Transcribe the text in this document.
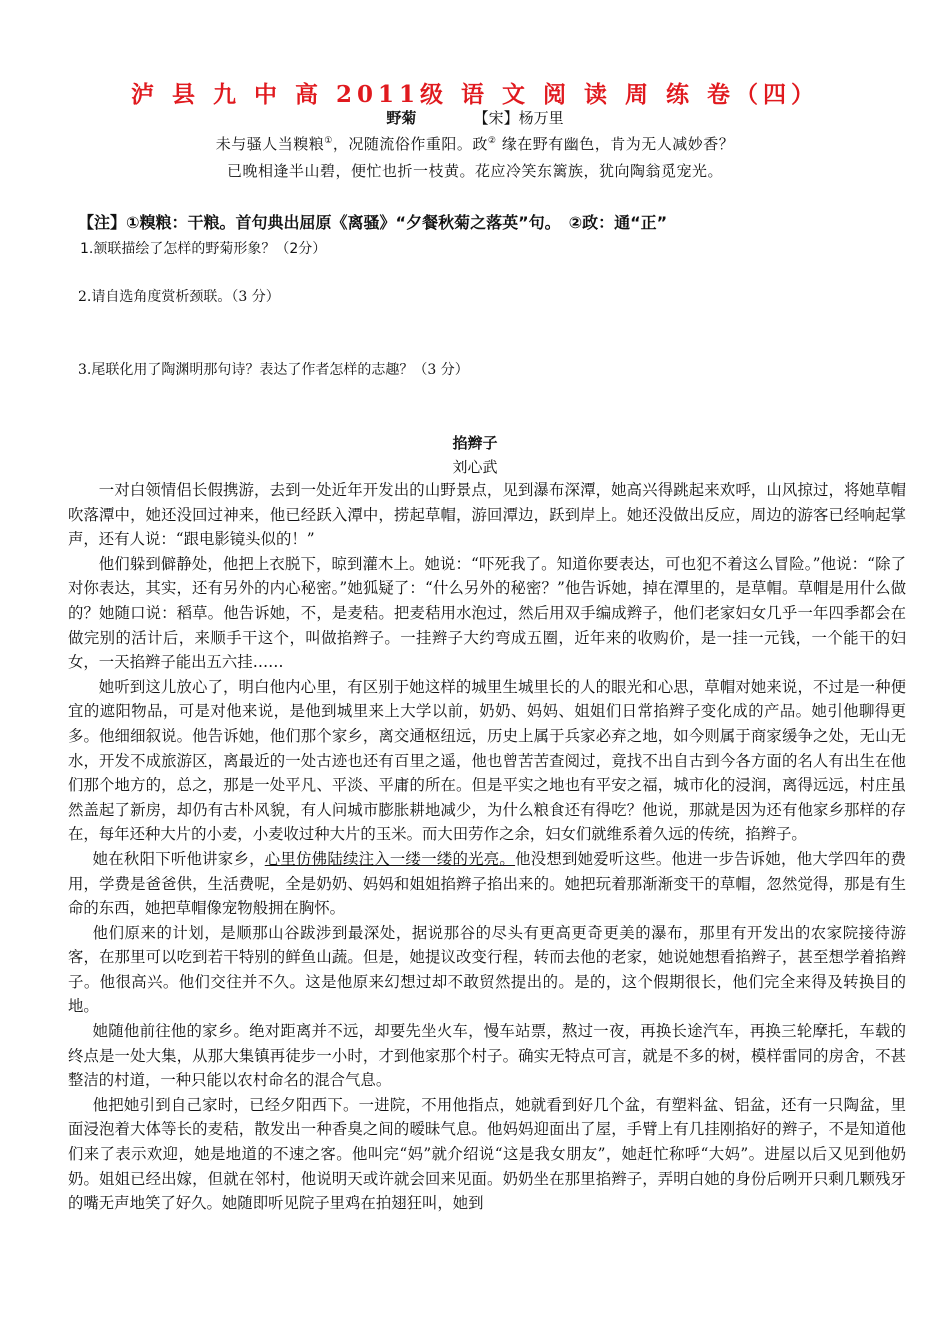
泸 县 九 中 高 2011级 语 文 阅 读 周 练 卷（四）
野菊	【宋】杨万里
未与骚人当糗粮①，况随流俗作重阳。政② 缘在野有幽色，肯为无人减妙香？
已晚相逢半山碧，便忙也折一枝黄。花应冷笑东篱族，犹向陶翁觅宠光。
【注】①糗粮：干粮。首句典出屈原《离骚》“夕餐秋菊之落英”句。　②政：通“正”
1.颔联描绘了怎样的野菊形象？（2分）
2.请自选角度赏析颈联。（3 分）
3.尾联化用了陶渊明那句诗？表达了作者怎样的志趣？（3 分）
掐辫子
刘心武

一对白领情侣长假携游，去到一处近年开发出的山野景点，见到瀑布深潭，她高兴得跳起来欢呼，山风掠过，将她草帽吹落潭中，她还没回过神来，他已经跃入潭中，捞起草帽，游回潭边，跃到岸上。她还没做出反应，周边的游客已经响起掌声，还有人说：“跟电影镜头似的！”

他们躲到僻静处，他把上衣脱下，晾到灌木上。她说：“吓死我了。知道你要表达，可也犯不着这么冒险。”他说：“除了对你表达，其实，还有另外的内心秘密。”她狐疑了：“什么另外的秘密？”他告诉她，掉在潭里的，是草帽。草帽是用什么做的？她随口说：稻草。他告诉她，不，是麦秸。把麦秸用水泡过，然后用双手编成辫子，他们老家妇女几乎一年四季都会在做完别的活计后，来顺手干这个，叫做掐辫子。一挂辫子大约弯成五圈，近年来的收购价，是一挂一元钱，一个能干的妇女，一天掐辫子能出五六挂……

她听到这儿放心了，明白他内心里，有区别于她这样的城里生城里长的人的眼光和心思，草帽对她来说，不过是一种便宜的遮阳物品，可是对他来说，是他到城里来上大学以前，奶奶、妈妈、姐姐们日常掐辫子变化成的产品。她引他聊得更多。他细细叙说。他告诉她，他们那个家乡，离交通枢纽远，历史上属于兵家必弃之地，如今则属于商家缓争之处，无山无水，开发不成旅游区，离最近的一处古迹也还有百里之遥，他也曾苦苦查阅过，竟找不出自古到今各方面的名人有出生在他们那个地方的，总之，那是一处平凡、平淡、平庸的所在。但是平实之地也有平安之福，城市化的浸润，离得远远，村庄虽然盖起了新房，却仍有古朴风貌，有人问城市膨胀耕地减少，为什么粮食还有得吃？他说，那就是因为还有他家乡那样的存在，每年还种大片的小麦，小麦收过种大片的玉米。而大田劳作之余，妇女们就维系着久远的传统，掐辫子。

她在秋阳下听他讲家乡，心里仿佛陆续注入一缕一缕的光亮。他没想到她爱听这些。他进一步告诉她，他大学四年的费用，学费是爸爸供，生活费呢，全是奶奶、妈妈和姐姐掐辫子掐出来的。她把玩着那渐渐变干的草帽，忽然觉得，那是有生命的东西，她把草帽像宠物般拥在胸怀。

他们原来的计划，是顺那山谷跋涉到最深处，据说那谷的尽头有更高更奇更美的瀑布，那里有开发出的农家院接待游客，在那里可以吃到若干特别的鲜鱼山蔬。但是，她提议改变行程，转而去他的老家，她说她想看掐辫子，甚至想学着掐辫子。他很高兴。他们交往并不久。这是他原来幻想过却不敢贸然提出的。是的，这个假期很长，他们完全来得及转换目的地。

她随他前往他的家乡。绝对距离并不远，却要先坐火车，慢车站票，熬过一夜，再换长途汽车，再换三轮摩托，车载的终点是一处大集，从那大集镇再徒步一小时，才到他家那个村子。确实无特点可言，就是不多的树，模样雷同的房舍，不甚整洁的村道，一种只能以农村命名的混合气息。

他把她引到自己家时，已经夕阳西下。一进院，不用他指点，她就看到好几个盆，有塑料盆、铝盆，还有一只陶盆，里面浸泡着大体等长的麦秸，散发出一种香臭之间的暧昧气息。他妈妈迎面出了屋，手臂上有几挂刚掐好的辫子，不是知道他们来了表示欢迎，她是地道的不速之客。他叫完“妈”就介绍说“这是我女朋友”，她赶忙称呼“大妈”。进屋以后又见到他奶奶。姐姐已经出嫁，但就在邻村，他说明天或许就会回来见面。奶奶坐在那里掐辫子，弄明白她的身份后咧开只剩几颗残牙的嘴无声地笑了好久。她随即听见院子里鸡在拍翅狂叫，她到
